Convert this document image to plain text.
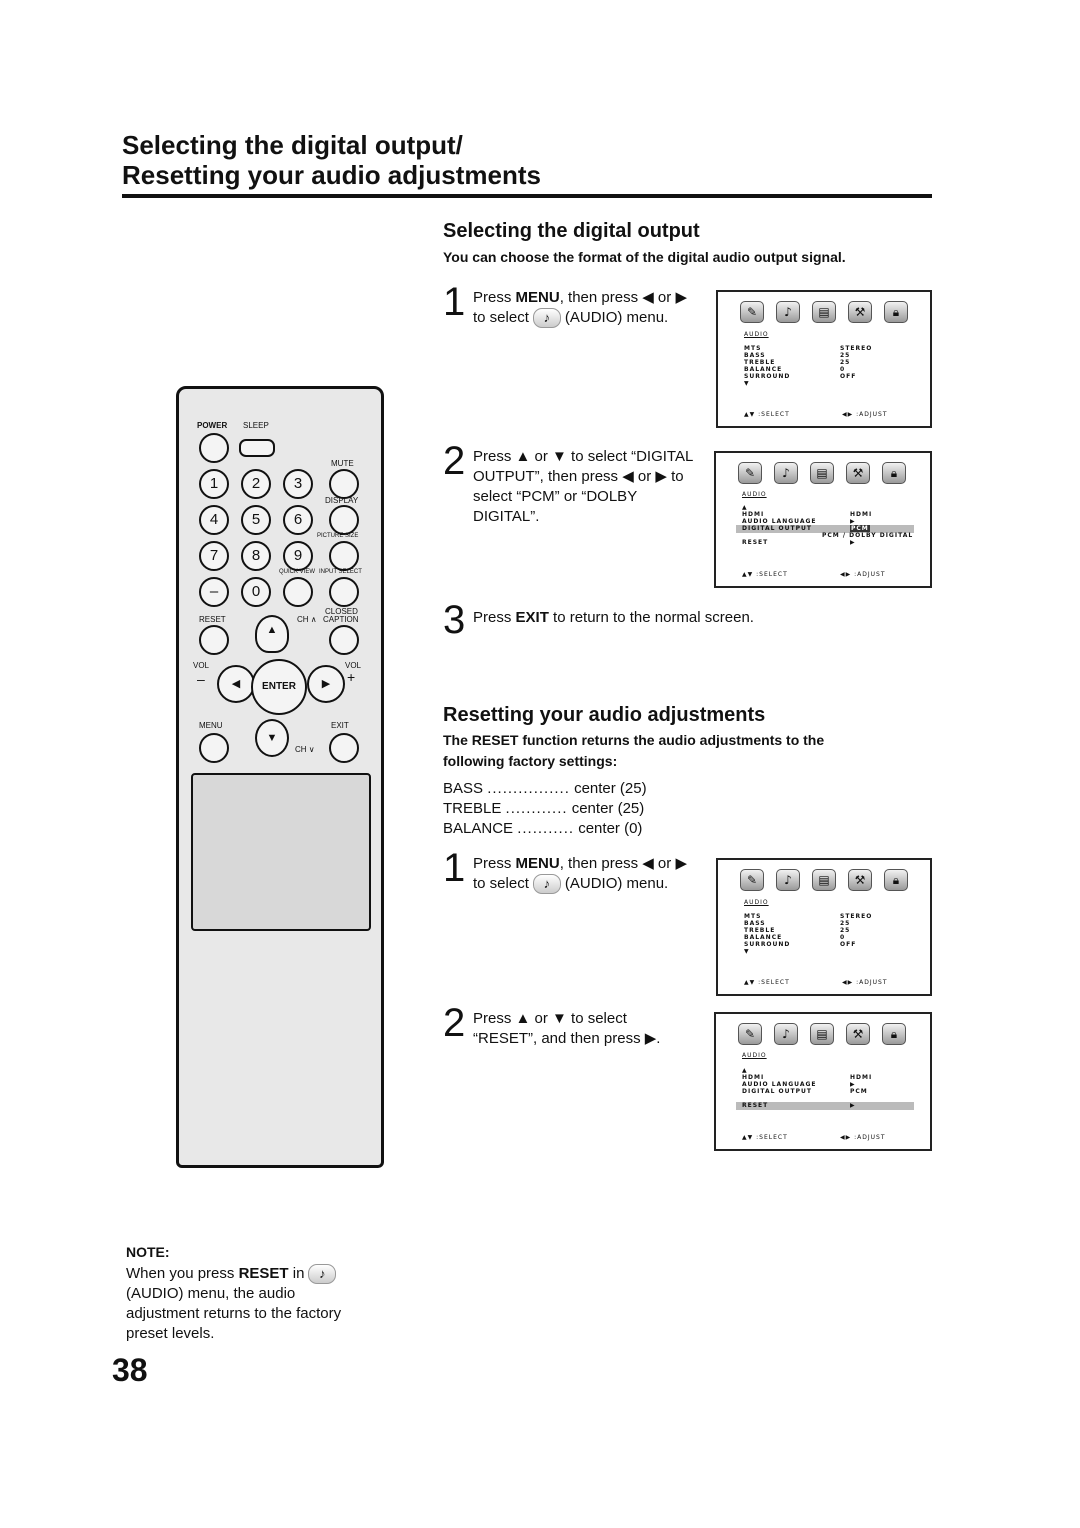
Selecting the digital output/
Resetting your audio adjustments
Selecting the digital output
You can choose the format of the digital audio output signal.
1 Press MENU, then press ◀ or ▶
to select ♪ (AUDIO) menu.	✎	♪	▤	⚒	🔒︎
AUDIO
MTS	STEREO
BASS	25
TREBLE	25
BALANCE	0
SURROUND	OFF
▼
▲▼ :SELECT	◀▶ :ADJUST
2 Press ▲ or ▼ to select “DIGITAL
OUTPUT”, then press ◀ or ▶ to
select “PCM” or “DOLBY
DIGITAL”.
✎	♪	▤	⚒	🔒︎
AUDIO
▲
HDMI	HDMI
AUDIO LANGUAGE	▶
DIGITAL OUTPUT	PCM
PCM / DOLBY DIGITAL
RESET	▶
▲▼ :SELECT	◀▶ :ADJUST
3 Press EXIT to return to the normal screen.
Resetting your audio adjustments
The RESET function returns the audio adjustments to the
following factory settings:
BASS ................ center (25)
TREBLE ............ center (25)
BALANCE ........... center (0)
1 Press MENU, then press ◀ or ▶
to select ♪ (AUDIO) menu.	✎	♪	▤	⚒	🔒︎
AUDIO
MTS	STEREO
BASS	25
TREBLE	25
BALANCE	0
SURROUND	OFF
▼
▲▼ :SELECT	◀▶ :ADJUST
2 Press ▲ or ▼ to select
“RESET”, and then press ▶.	✎	♪	▤	⚒	🔒︎
AUDIO
▲
HDMI	HDMI
AUDIO LANGUAGE	▶
DIGITAL OUTPUT	PCM
RESET	▶
▲▼ :SELECT	◀▶ :ADJUST
POWER SLEEP
MUTE
1	2	3
DISPLAY
4	5	6
PICTURE SIZE
7	8	9
QUICK VIEW INPUT SELECT
–	0
RESET	CH ∧
CLOSED
CAPTION
▲
◀	▶
ENTER
▼
VOL	VOL
–	+
MENU	EXIT
CH ∨
NOTE:
When you press RESET in ♪
(AUDIO) menu, the audio
adjustment returns to the factory
preset levels.
38
